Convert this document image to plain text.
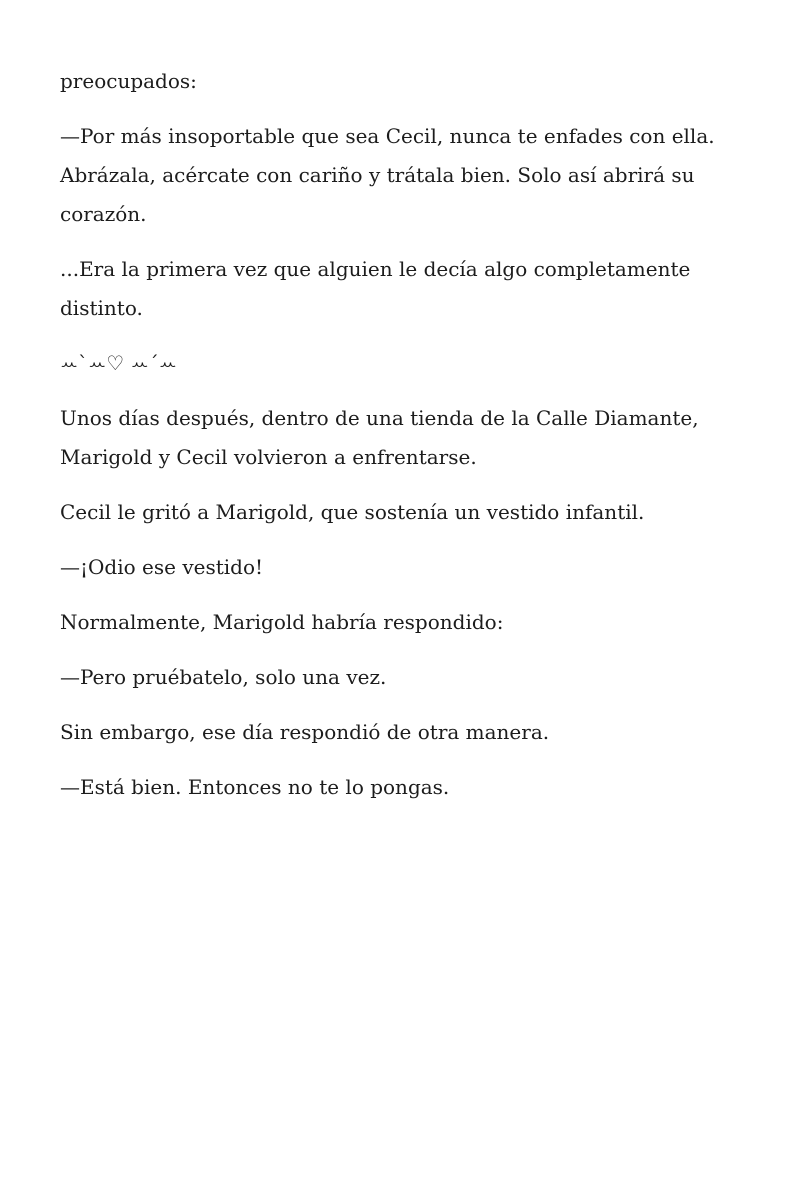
preocupados:

—Por más insoportable que sea Cecil, nunca te enfades con ella. Abrázala, acércate con cariño y trátala bien. Solo así abrirá su corazón.

...Era la primera vez que alguien le decía algo completamente distinto.

ꕀ`ꕀ♡ ꕀ´ꕀ

Unos días después, dentro de una tienda de la Calle Diamante, Marigold y Cecil volvieron a enfrentarse.

Cecil le gritó a Marigold, que sostenía un vestido infantil.

—¡Odio ese vestido!

Normalmente, Marigold habría respondido:

—Pero pruébatelo, solo una vez.

Sin embargo, ese día respondió de otra manera.

—Está bien. Entonces no te lo pongas.
